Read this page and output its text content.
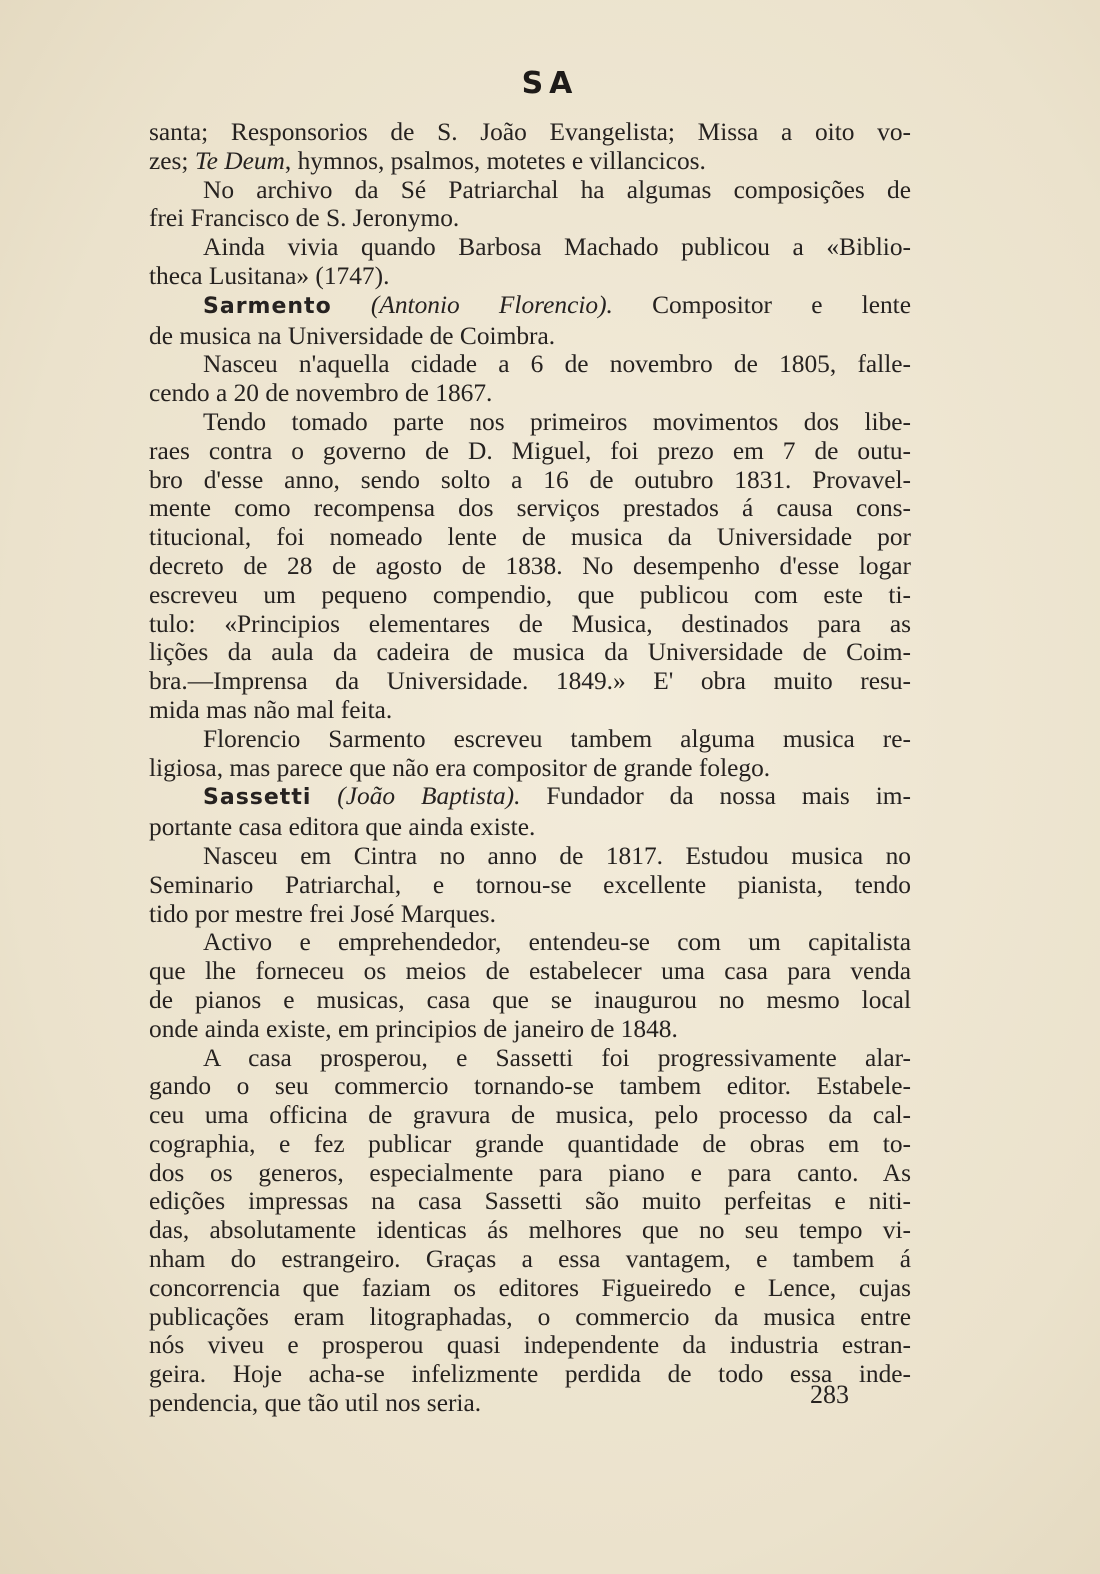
SA

santa; Responsorios de S. João Evangelista; Missa a oito vo-

zes; Te Deum, hymnos, psalmos, motetes e villancicos.

No archivo da Sé Patriarchal ha algumas composições de

frei Francisco de S. Jeronymo.

Ainda vivia quando Barbosa Machado publicou a «Biblio-

theca Lusitana» (1747).

Sarmento (Antonio Florencio). Compositor e lente

de musica na Universidade de Coimbra.

Nasceu n'aquella cidade a 6 de novembro de 1805, falle-

cendo a 20 de novembro de 1867.

Tendo tomado parte nos primeiros movimentos dos libe-

raes contra o governo de D. Miguel, foi prezo em 7 de outu-

bro d'esse anno, sendo solto a 16 de outubro 1831. Provavel-

mente como recompensa dos serviços prestados á causa cons-

titucional, foi nomeado lente de musica da Universidade por

decreto de 28 de agosto de 1838. No desempenho d'esse logar

escreveu um pequeno compendio, que publicou com este ti-

tulo: «Principios elementares de Musica, destinados para as

lições da aula da cadeira de musica da Universidade de Coim-

bra.—Imprensa da Universidade. 1849.» E' obra muito resu-

mida mas não mal feita.

Florencio Sarmento escreveu tambem alguma musica re-

ligiosa, mas parece que não era compositor de grande folego.

Sassetti (João Baptista). Fundador da nossa mais im-

portante casa editora que ainda existe.

Nasceu em Cintra no anno de 1817. Estudou musica no

Seminario Patriarchal, e tornou-se excellente pianista, tendo

tido por mestre frei José Marques.

Activo e emprehendedor, entendeu-se com um capitalista

que lhe forneceu os meios de estabelecer uma casa para venda

de pianos e musicas, casa que se inaugurou no mesmo local

onde ainda existe, em principios de janeiro de 1848.

A casa prosperou, e Sassetti foi progressivamente alar-

gando o seu commercio tornando-se tambem editor. Estabele-

ceu uma officina de gravura de musica, pelo processo da cal-

cographia, e fez publicar grande quantidade de obras em to-

dos os generos, especialmente para piano e para canto. As

edições impressas na casa Sassetti são muito perfeitas e niti-

das, absolutamente identicas ás melhores que no seu tempo vi-

nham do estrangeiro. Graças a essa vantagem, e tambem á

concorrencia que faziam os editores Figueiredo e Lence, cujas

publicações eram litographadas, o commercio da musica entre

nós viveu e prosperou quasi independente da industria estran-

geira. Hoje acha-se infelizmente perdida de todo essa inde-

pendencia, que tão util nos seria.	283
